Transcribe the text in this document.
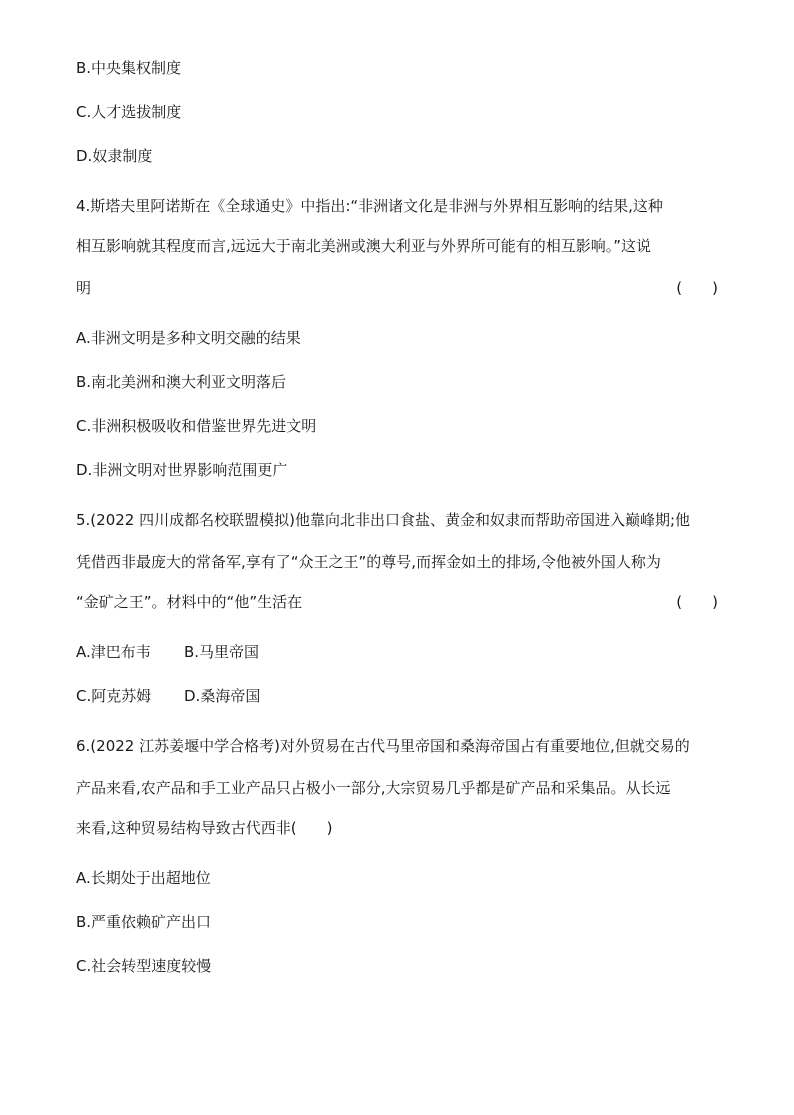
B.中央集权制度
C.人才选拔制度
D.奴隶制度
4.斯塔夫里阿诺斯在《全球通史》中指出:“非洲诸文化是非洲与外界相互影响的结果,这种
相互影响就其程度而言,远远大于南北美洲或澳大利亚与外界所可能有的相互影响。”这说
明	(　　)
A.非洲文明是多种文明交融的结果
B.南北美洲和澳大利亚文明落后
C.非洲积极吸收和借鉴世界先进文明
D.非洲文明对世界影响范围更广
5.(2022 四川成都名校联盟模拟)他靠向北非出口食盐、黄金和奴隶而帮助帝国进入巅峰期;他
凭借西非最庞大的常备军,享有了“众王之王”的尊号,而挥金如土的排场,令他被外国人称为
“金矿之王”。材料中的“他”生活在	(　　)
A.津巴布韦 B.马里帝国
C.阿克苏姆 D.桑海帝国
6.(2022 江苏姜堰中学合格考)对外贸易在古代马里帝国和桑海帝国占有重要地位,但就交易的
产品来看,农产品和手工业产品只占极小一部分,大宗贸易几乎都是矿产品和采集品。从长远
来看,这种贸易结构导致古代西非(　　)
A.长期处于出超地位
B.严重依赖矿产出口
C.社会转型速度较慢
